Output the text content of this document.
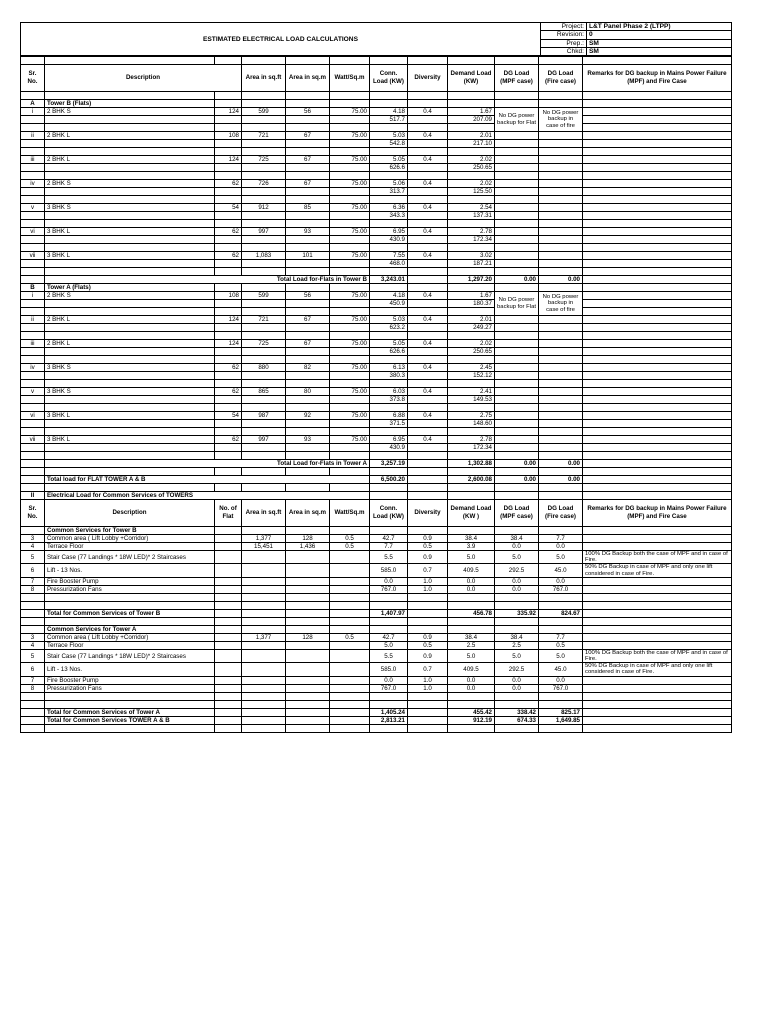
ESTIMATED ELECTRICAL LOAD CALCULATIONS	Project:	L&T Panel Phase 2 (LTPP)
	Revision:	0
	Prep.:	SM
	Chkd:	SM

Sr. No.	Description		Area in sq.ft	Area in sq.m	Watt/Sq.m	Conn. Load (KW)	Diversity	Demand Load (KW)	DG Load (MPF case)	DG Load (Fire case)	Remarks for DG backup in Mains Power Failure (MPF) and Fire Case

A	Tower B (Flats)										
i	2 BHK S	124	599	56	75.00	4.18	0.4	1.67	No DG power backup for Flat	No DG power backup in case of fire	
						517.7		207.09			

ii	2 BHK L	108	721	67	75.00	5.03	0.4	2.01			
						542.8		217.10			

iii	2 BHK L	124	725	67	75.00	5.05	0.4	2.02			
						626.6		250.65			

iv	2 BHK S	62	726	67	75.00	5.06	0.4	2.02			
						313.7		125.50			

v	3 BHK S	54	912	85	75.00	6.36	0.4	2.54			
						343.3		137.31			

vi	3 BHK L	62	997	93	75.00	6.95	0.4	2.78			
						430.9		172.34			

vii	3 BHK L	62	1,083	101	75.00	7.55	0.4	3.02			
						468.0		187.21			

	Total Load for-Flats in Tower B					3,243.01		1,297.20	0.00	0.00	
B	Tower A (Flats)										
i	2 BHK S	108	599	56	75.00	4.18	0.4	1.67	No DG power backup for Flat	No DG power backup in case of fire	
						450.9		180.37			

ii	2 BHK L	124	721	67	75.00	5.03	0.4	2.01			
						623.2		249.27			

iii	2 BHK L	124	725	67	75.00	5.05	0.4	2.02			
						626.6		250.65			

iv	3 BHK S	62	880	82	75.00	6.13	0.4	2.45			
						380.3		152.12			

v	3 BHK S	62	865	80	75.00	6.03	0.4	2.41			
						373.8		149.53			

vi	3 BHK L	54	987	92	75.00	6.88	0.4	2.75			
						371.5		148.60			

vii	3 BHK L	62	997	93	75.00	6.95	0.4	2.78			
						430.9		172.34			

	Total Load for-Flats in Tower A					3,257.19		1,302.88	0.00	0.00	

	Total load for FLAT TOWER A & B					6,500.20		2,600.08	0.00	0.00	

II	Electrical Load for Common Services of TOWERS										
Sr. No.	Description	No. of Flat	Area in sq.ft	Area in sq.m	Watt/Sq.m	Conn. Load (KW)	Diversity	Demand Load (KW )	DG Load (MPF case)	DG Load (Fire case)	Remarks for DG backup in Mains Power Failure (MPF) and Fire Case
	Common Services for Tower B										
3	Common area ( Lift Lobby +Corridor)		1,377	128	0.5	42.7	0.9	38.4	38.4	7.7	
4	Terrace Floor		15,451	1,436	0.5	7.7	0.5	3.9	0.0	0.0	
5	Stair Case (77 Landings * 18W LED)* 2 Staircases					5.5	0.9	5.0	5.0	5.0	100% DG Backup both the case of MPF and in case of Fire.
6	Lift - 13 Nos.					585.0	0.7	409.5	292.5	45.0	50% DG Backup in case of MPF and only one lift considered in case of Fire.
7	Fire Booster Pump					0.0	1.0	0.0	0.0	0.0	
8	Pressurization Fans					767.0	1.0	0.0	0.0	767.0	

	Total for Common Services of Tower B					1,407.97		456.78	335.92	824.67	

	Common Services for Tower A										
3	Common area ( Lift Lobby +Corridor)		1,377	128	0.5	42.7	0.9	38.4	38.4	7.7	
4	Terrace Floor					5.0	0.5	2.5	2.5	0.5	
5	Stair Case (77 Landings * 18W LED)* 2 Staircases					5.5	0.9	5.0	5.0	5.0	100% DG Backup both the case of MPF and in case of Fire.
6	Lift - 13 Nos.					585.0	0.7	409.5	292.5	45.0	50% DG Backup in case of MPF and only one lift considered in case of Fire.
7	Fire Booster Pump					0.0	1.0	0.0	0.0	0.0	
8	Pressurization Fans					767.0	1.0	0.0	0.0	767.0	

	Total for Common Services of Tower A					1,405.24		455.42	338.42	825.17	
	Total for Common Services TOWER A & B					2,813.21		912.19	674.33	1,649.85	
